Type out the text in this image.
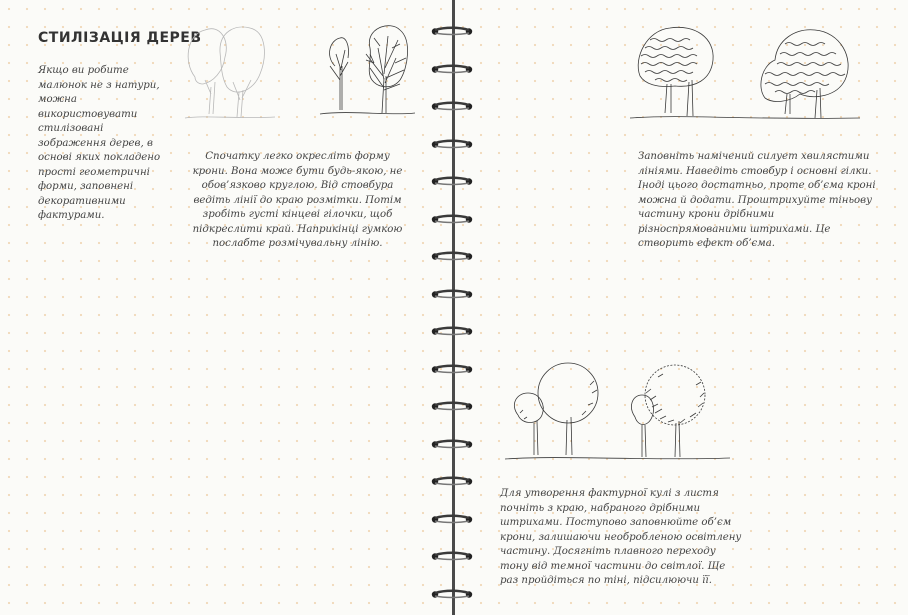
СТИЛІЗАЦІЯ ДЕРЕВ

Якщо ви робите малюнок не з натури, можна використовувати стилізовані зображення дерев, в основі яких покладено прості геометричні форми, заповнені декоративними фактурами.

Спочатку легко окресліть форму крони. Вона може бути будь-якою, не обов’язково круглою. Від стовбура ведіть лінії до краю розмітки. Потім зробіть густі кінцеві гілочки, щоб підкреслити край. Наприкінці гумкою послабте розмічувальну лінію.

Заповніть намічений силует хвилястими лініями. Наведіть стовбур і основні гілки. Іноді цього достатньо, проте об’єма кроні можна й додати. Проштрихуйте тіньову частину крони дрібними різноспрямованими штрихами. Це створить ефект об’єма.

Для утворення фактурної кулі з листя почніть з краю, набраного дрібними штрихами. Поступово заповнюйте об’єм крони, залишаючи необробленою освітлену частину. Досягніть плавного переходу тону від темної частини до світлої. Ще раз пройдіться по тіні, підсилюючи її.
